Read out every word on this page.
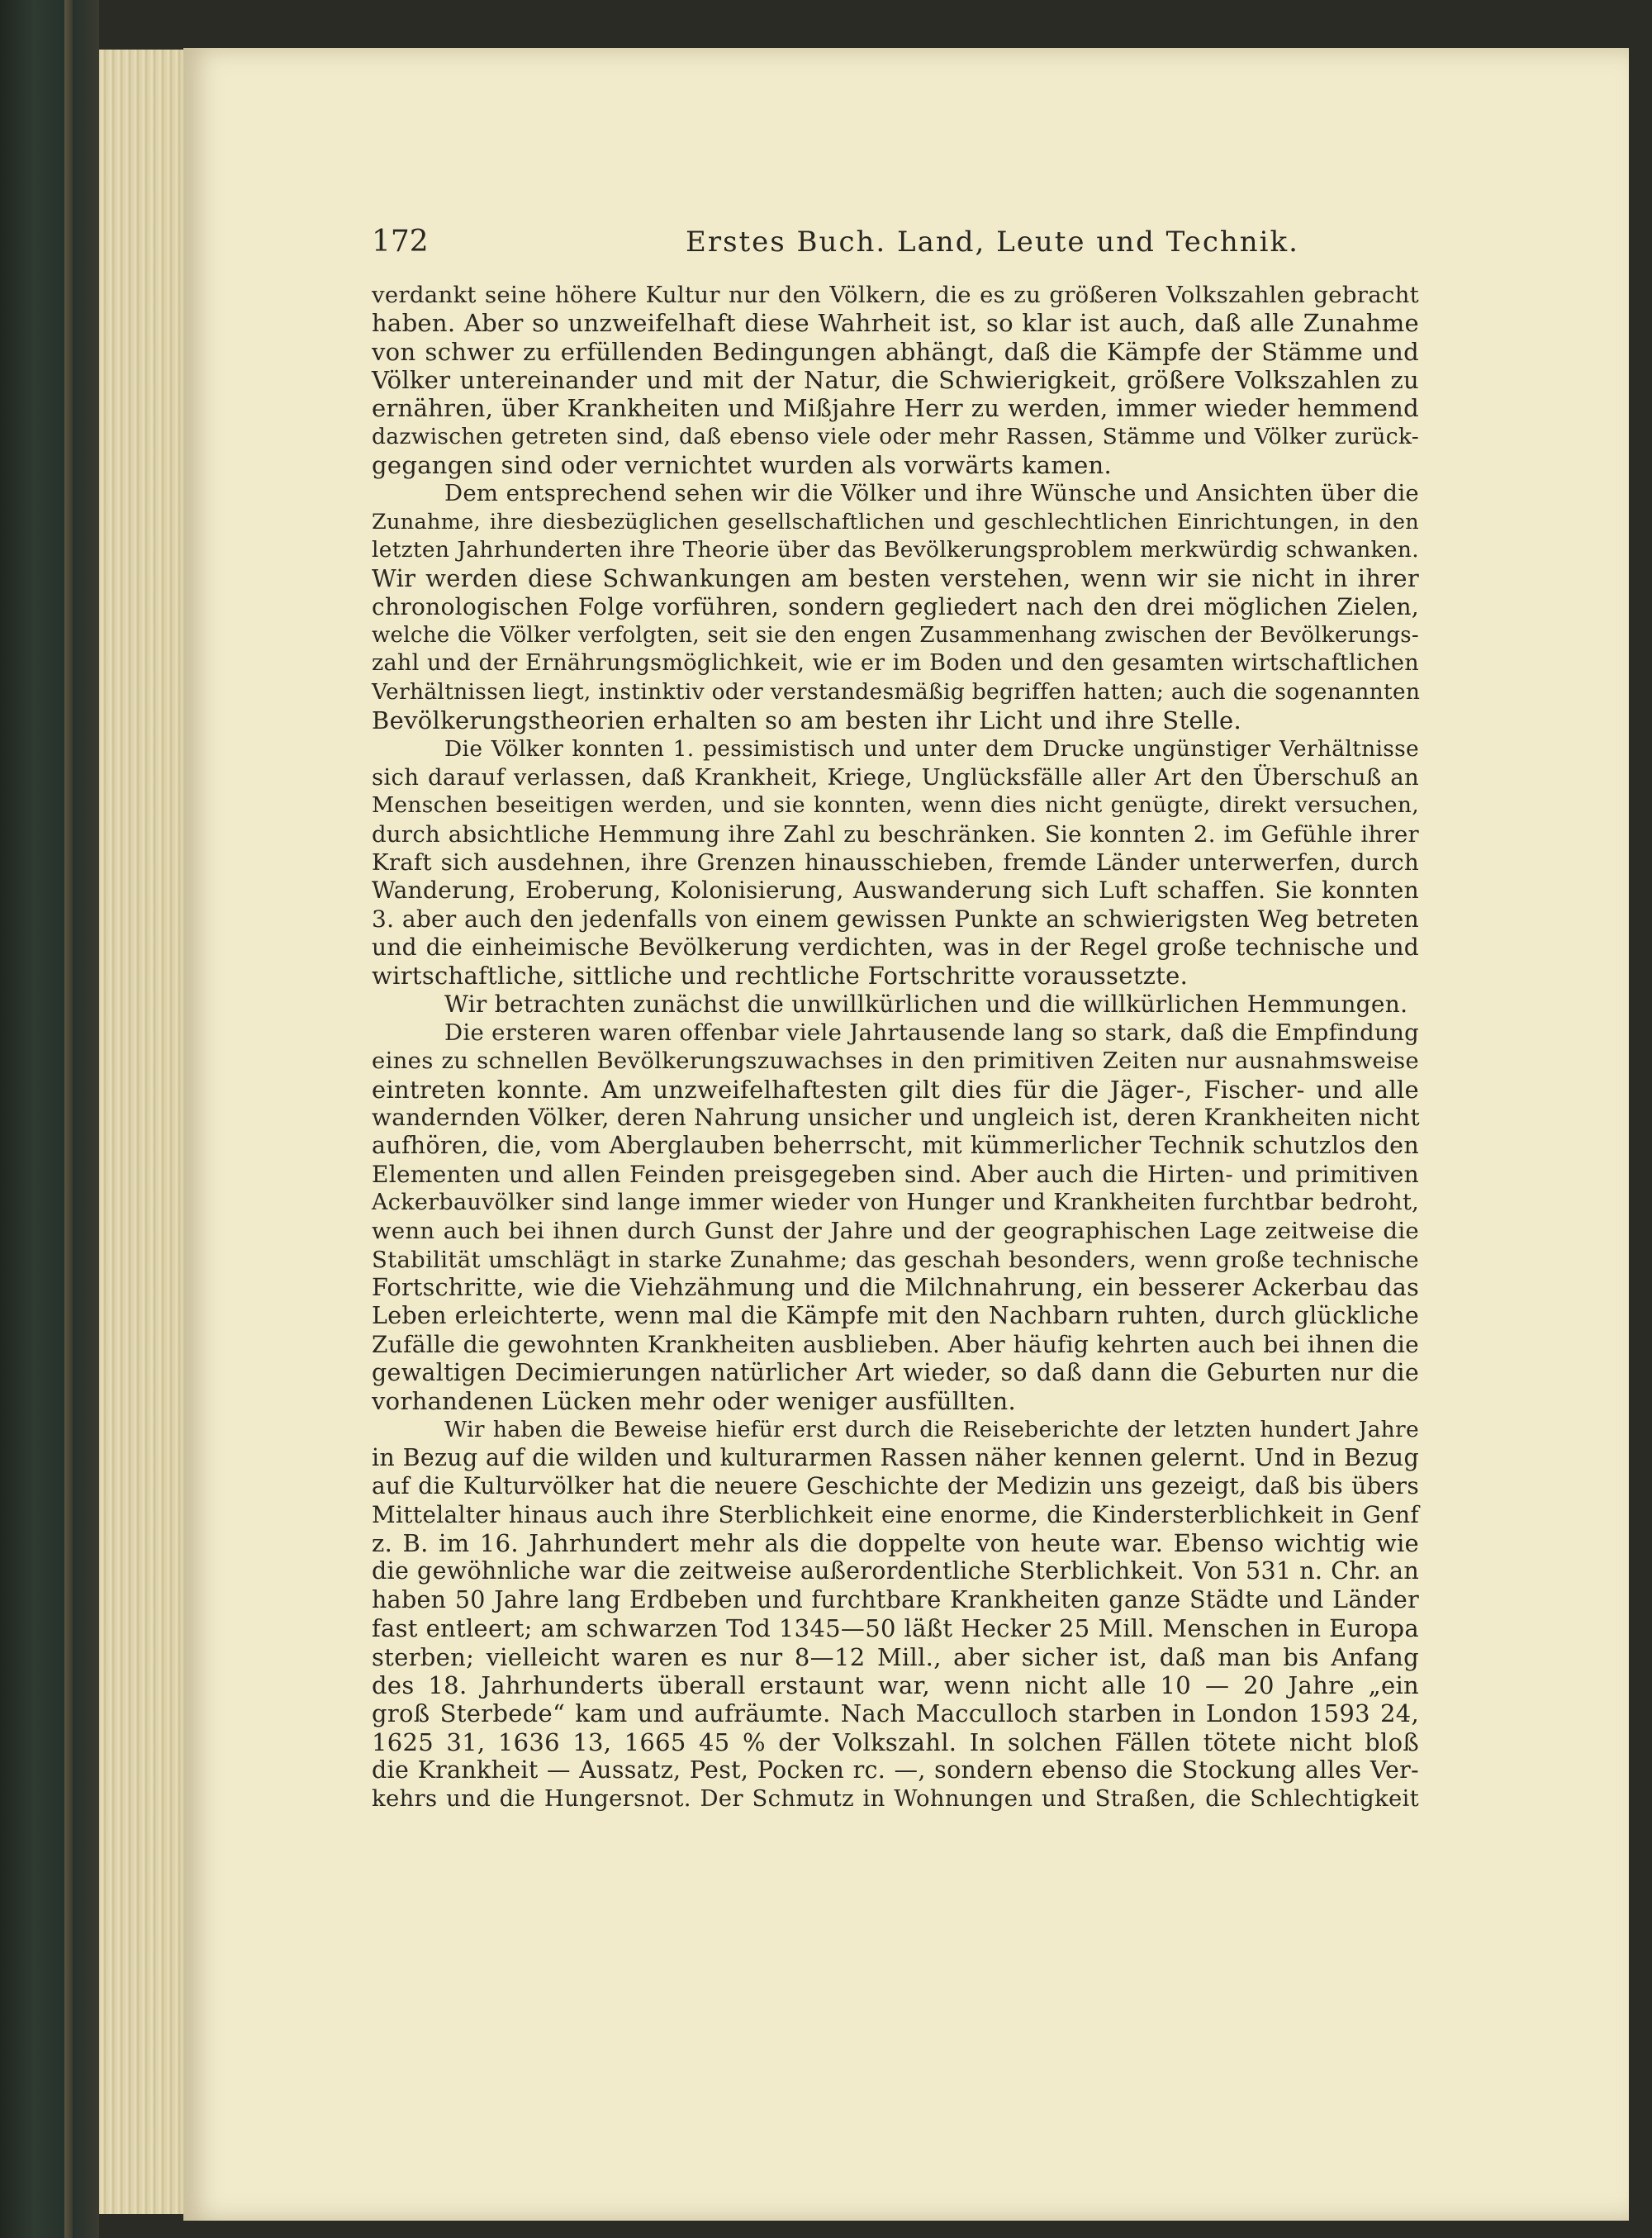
172	Erstes Buch. Land, Leute und Technik.
verdankt seine höhere Kultur nur den Völkern, die es zu größeren Volkszahlen gebracht
haben. Aber so unzweifelhaft diese Wahrheit ist, so klar ist auch, daß alle Zunahme
von schwer zu erfüllenden Bedingungen abhängt, daß die Kämpfe der Stämme und
Völker untereinander und mit der Natur, die Schwierigkeit, größere Volkszahlen zu
ernähren, über Krankheiten und Mißjahre Herr zu werden, immer wieder hemmend
dazwischen getreten sind, daß ebenso viele oder mehr Rassen, Stämme und Völker zurück-
gegangen sind oder vernichtet wurden als vorwärts kamen.
Dem entsprechend sehen wir die Völker und ihre Wünsche und Ansichten über die
Zunahme, ihre diesbezüglichen gesellschaftlichen und geschlechtlichen Einrichtungen, in den
letzten Jahrhunderten ihre Theorie über das Bevölkerungsproblem merkwürdig schwanken.
Wir werden diese Schwankungen am besten verstehen, wenn wir sie nicht in ihrer
chronologischen Folge vorführen, sondern gegliedert nach den drei möglichen Zielen,
welche die Völker verfolgten, seit sie den engen Zusammenhang zwischen der Bevölkerungs-
zahl und der Ernährungsmöglichkeit, wie er im Boden und den gesamten wirtschaftlichen
Verhältnissen liegt, instinktiv oder verstandesmäßig begriffen hatten; auch die sogenannten
Bevölkerungstheorien erhalten so am besten ihr Licht und ihre Stelle.
Die Völker konnten 1. pessimistisch und unter dem Drucke ungünstiger Verhältnisse
sich darauf verlassen, daß Krankheit, Kriege, Unglücksfälle aller Art den Überschuß an
Menschen beseitigen werden, und sie konnten, wenn dies nicht genügte, direkt versuchen,
durch absichtliche Hemmung ihre Zahl zu beschränken. Sie konnten 2. im Gefühle ihrer
Kraft sich ausdehnen, ihre Grenzen hinausschieben, fremde Länder unterwerfen, durch
Wanderung, Eroberung, Kolonisierung, Auswanderung sich Luft schaffen. Sie konnten
3. aber auch den jedenfalls von einem gewissen Punkte an schwierigsten Weg betreten
und die einheimische Bevölkerung verdichten, was in der Regel große technische und
wirtschaftliche, sittliche und rechtliche Fortschritte voraussetzte.
Wir betrachten zunächst die unwillkürlichen und die willkürlichen Hemmungen.
Die ersteren waren offenbar viele Jahrtausende lang so stark, daß die Empfindung
eines zu schnellen Bevölkerungszuwachses in den primitiven Zeiten nur ausnahmsweise
eintreten konnte. Am unzweifelhaftesten gilt dies für die Jäger-, Fischer- und alle
wandernden Völker, deren Nahrung unsicher und ungleich ist, deren Krankheiten nicht
aufhören, die, vom Aberglauben beherrscht, mit kümmerlicher Technik schutzlos den
Elementen und allen Feinden preisgegeben sind. Aber auch die Hirten- und primitiven
Ackerbauvölker sind lange immer wieder von Hunger und Krankheiten furchtbar bedroht,
wenn auch bei ihnen durch Gunst der Jahre und der geographischen Lage zeitweise die
Stabilität umschlägt in starke Zunahme; das geschah besonders, wenn große technische
Fortschritte, wie die Viehzähmung und die Milchnahrung, ein besserer Ackerbau das
Leben erleichterte, wenn mal die Kämpfe mit den Nachbarn ruhten, durch glückliche
Zufälle die gewohnten Krankheiten ausblieben. Aber häufig kehrten auch bei ihnen die
gewaltigen Decimierungen natürlicher Art wieder, so daß dann die Geburten nur die
vorhandenen Lücken mehr oder weniger ausfüllten.
Wir haben die Beweise hiefür erst durch die Reiseberichte der letzten hundert Jahre
in Bezug auf die wilden und kulturarmen Rassen näher kennen gelernt. Und in Bezug
auf die Kulturvölker hat die neuere Geschichte der Medizin uns gezeigt, daß bis übers
Mittelalter hinaus auch ihre Sterblichkeit eine enorme, die Kindersterblichkeit in Genf
z. B. im 16. Jahrhundert mehr als die doppelte von heute war. Ebenso wichtig wie
die gewöhnliche war die zeitweise außerordentliche Sterblichkeit. Von 531 n. Chr. an
haben 50 Jahre lang Erdbeben und furchtbare Krankheiten ganze Städte und Länder
fast entleert; am schwarzen Tod 1345—50 läßt Hecker 25 Mill. Menschen in Europa
sterben; vielleicht waren es nur 8—12 Mill., aber sicher ist, daß man bis Anfang
des 18. Jahrhunderts überall erstaunt war, wenn nicht alle 10 — 20 Jahre „ein
groß Sterbede“ kam und aufräumte. Nach Macculloch starben in London 1593 24,
1625 31, 1636 13, 1665 45 % der Volkszahl. In solchen Fällen tötete nicht bloß
die Krankheit — Aussatz, Pest, Pocken rc. —, sondern ebenso die Stockung alles Ver-
kehrs und die Hungersnot. Der Schmutz in Wohnungen und Straßen, die Schlechtigkeit
